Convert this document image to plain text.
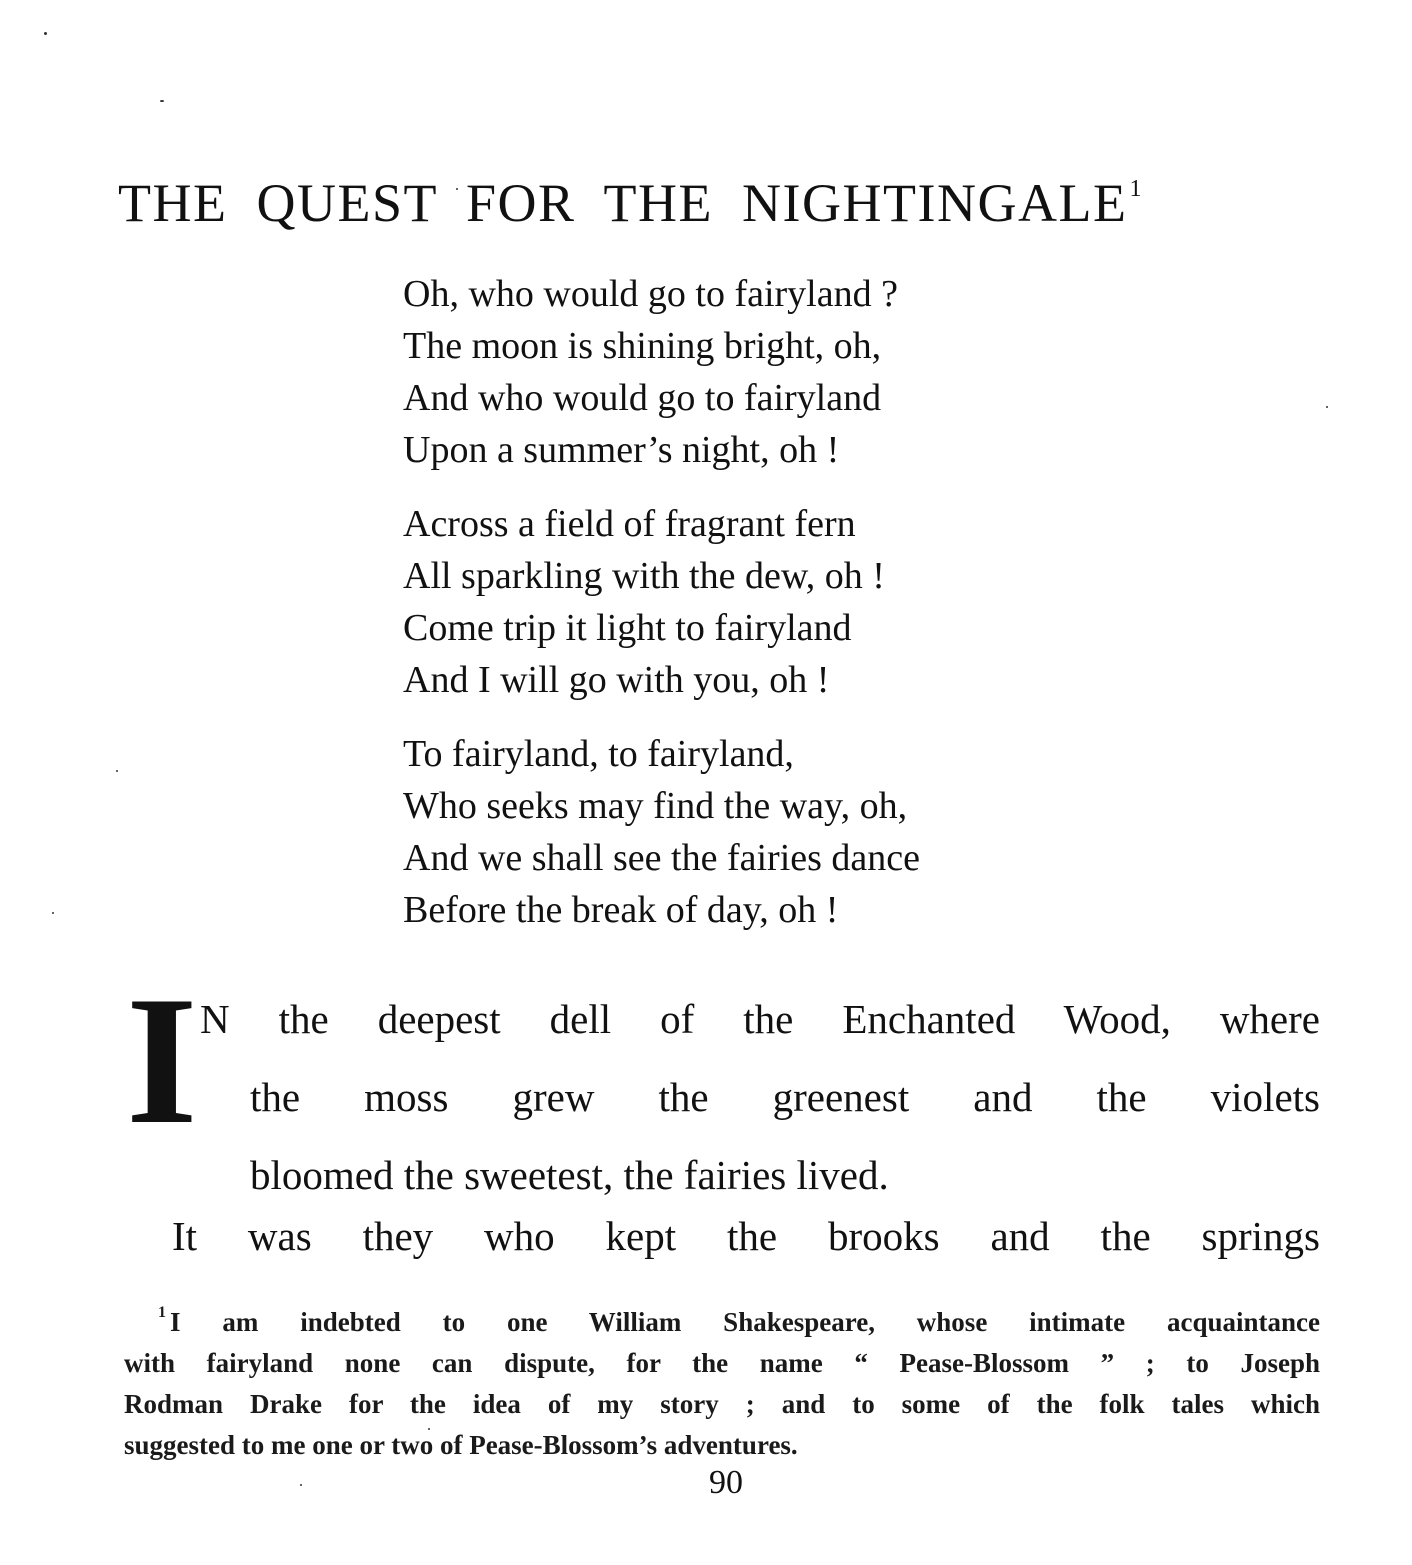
THE QUEST FOR THE NIGHTINGALE$^1$
Oh, who would go to fairyland ?
The moon is shining bright, oh,
And who would go to fairyland
Upon a summer’s night, oh !
Across a field of fragrant fern
All sparkling with the dew, oh !
Come trip it light to fairyland
And I will go with you, oh !
To fairyland, to fairyland,
Who seeks may find the way, oh,
And we shall see the fairies dance
Before the break of day, oh !
I N the deepest dell of the Enchanted Wood, where
the moss grew the greenest and the violets
bloomed the sweetest, the fairies lived.
It was they who kept the brooks and the springs
$^1$ I am indebted to one William Shakespeare, whose intimate acquaintance
with fairyland none can dispute, for the name “ Pease-Blossom ” ; to Joseph
Rodman Drake for the idea of my story ; and to some of the folk tales which
suggested to me one or two of Pease-Blossom’s adventures.
90
